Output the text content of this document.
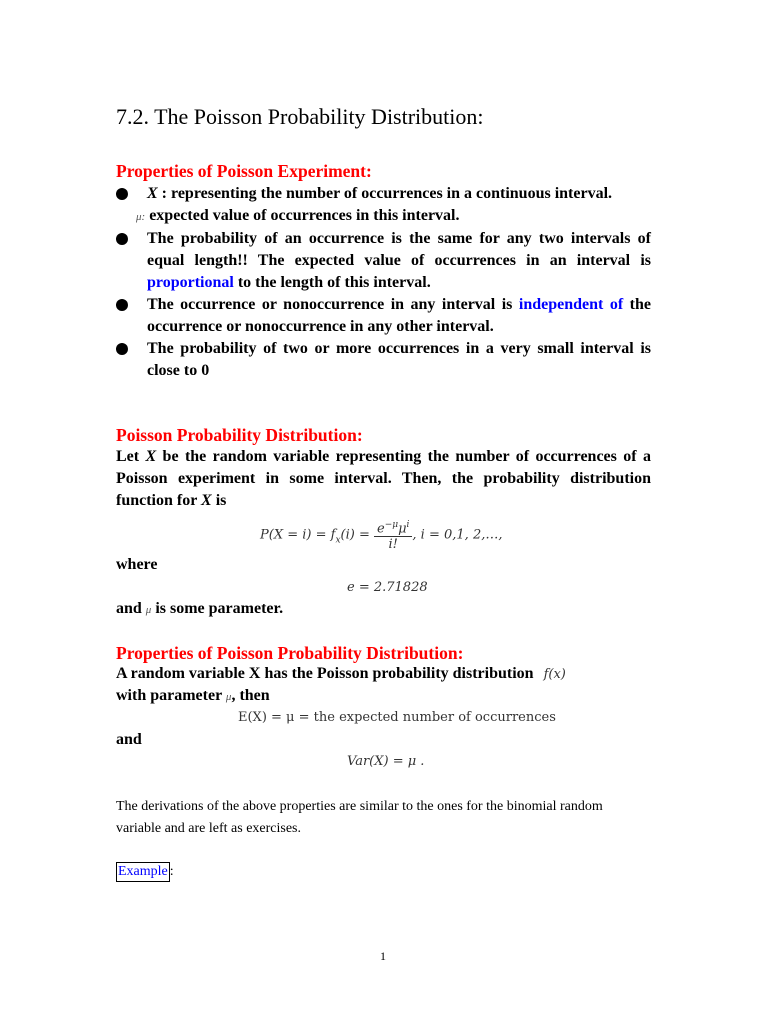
7.2. The Poisson Probability Distribution:
Properties of Poisson Experiment:
X : representing the number of occurrences in a continuous interval.
μ: expected value of occurrences in this interval.
The probability of an occurrence is the same for any two intervals of equal length!! The expected value of occurrences in an interval is proportional to the length of this interval.
The occurrence or nonoccurrence in any interval is independent of the occurrence or nonoccurrence in any other interval.
The probability of two or more occurrences in a very small interval is close to 0
Poisson Probability Distribution:
Let X be the random variable representing the number of occurrences of a Poisson experiment in some interval. Then, the probability distribution function for X is
$P(X = i) = f_x(i) = \frac{e^{-\mu}\mu^i}{i!}$ , i = 0,1, 2,…,
where
e = 2.71828
and μ is some parameter.
Properties of Poisson Probability Distribution:
A random variable X has the Poisson probability distribution f(x)
with parameter μ, then
E(X) = μ = the expected number of occurrences
and
Var(X) = μ .
The derivations of the above properties are similar to the ones for the binomial random variable and are left as exercises.
Example :
1
